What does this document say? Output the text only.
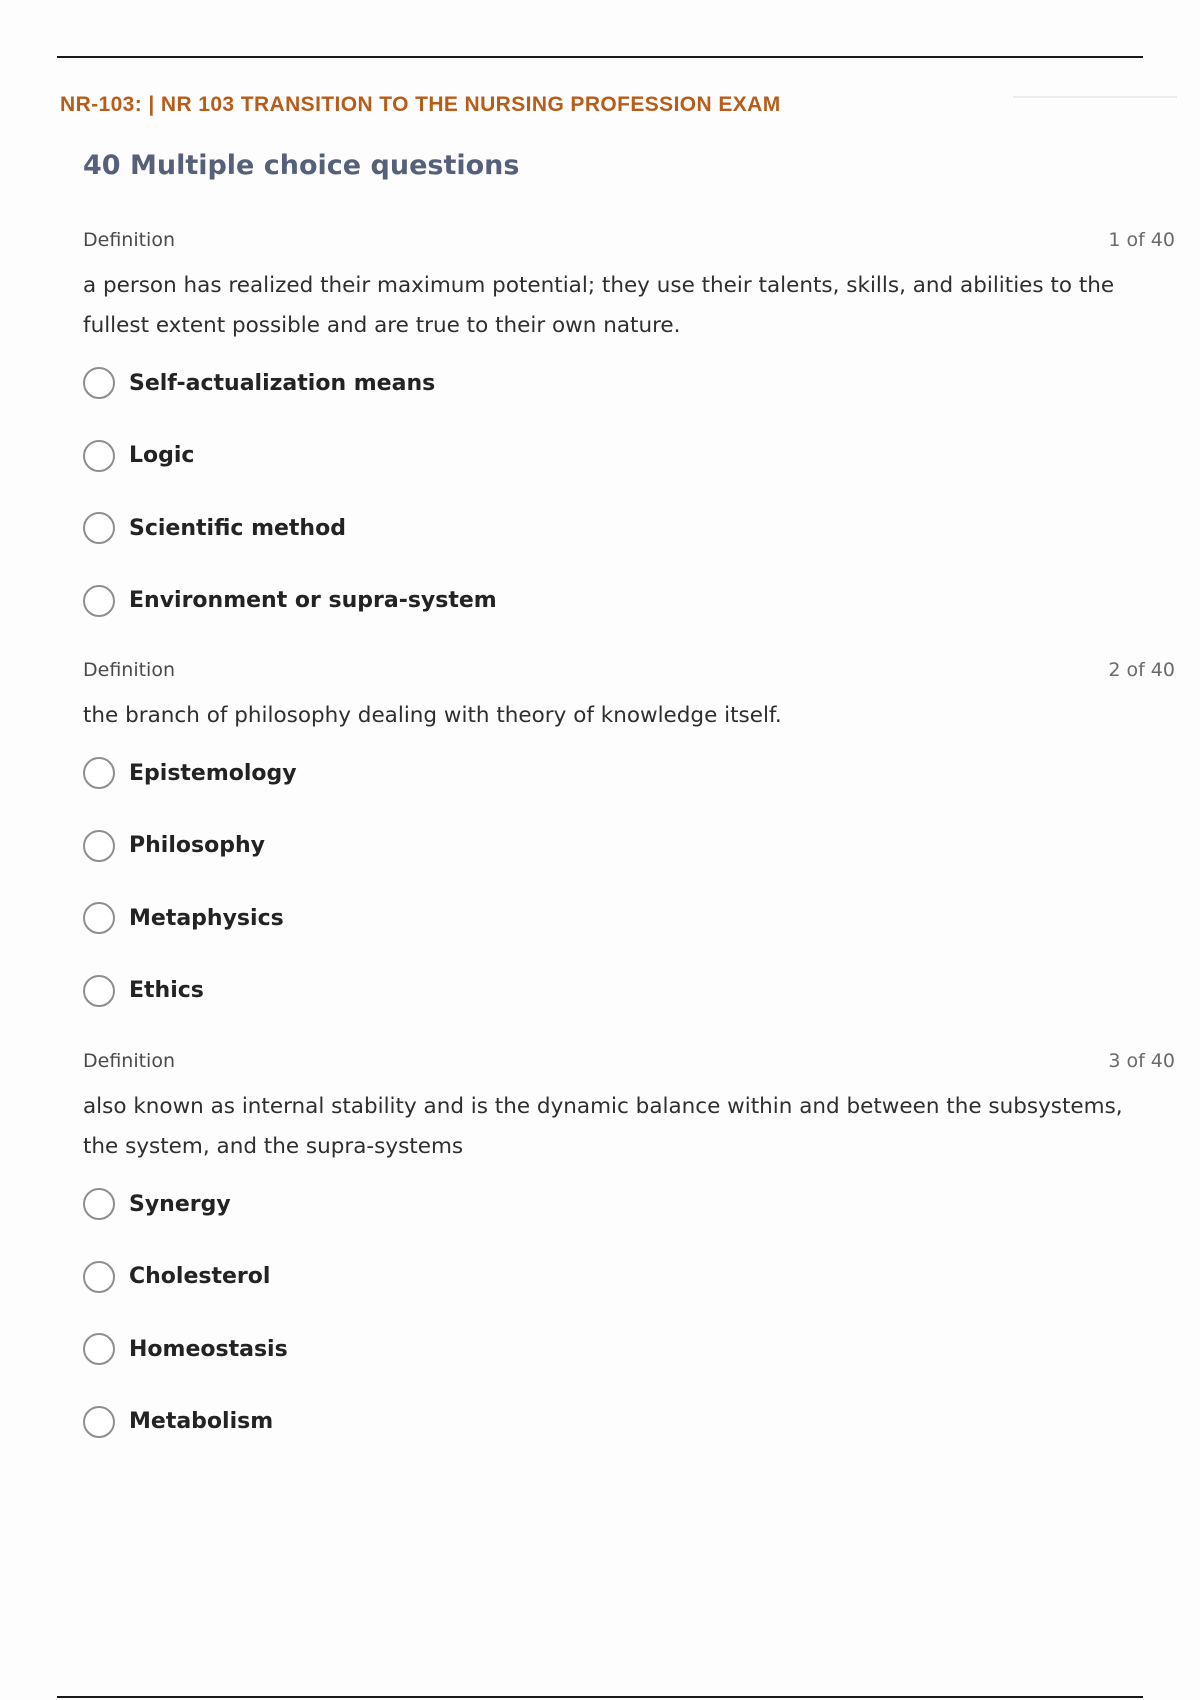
NR-103: | NR 103 TRANSITION TO THE NURSING PROFESSION EXAM
40 Multiple choice questions
Definition	1 of 40
a person has realized their maximum potential; they use their talents, skills, and abilities to the fullest extent possible and are true to their own nature.
Self-actualization means
Logic
Scientific method
Environment or supra-system
Definition	2 of 40
the branch of philosophy dealing with theory of knowledge itself.
Epistemology
Philosophy
Metaphysics
Ethics
Definition	3 of 40
also known as internal stability and is the dynamic balance within and between the subsystems, the system, and the supra-systems
Synergy
Cholesterol
Homeostasis
Metabolism
